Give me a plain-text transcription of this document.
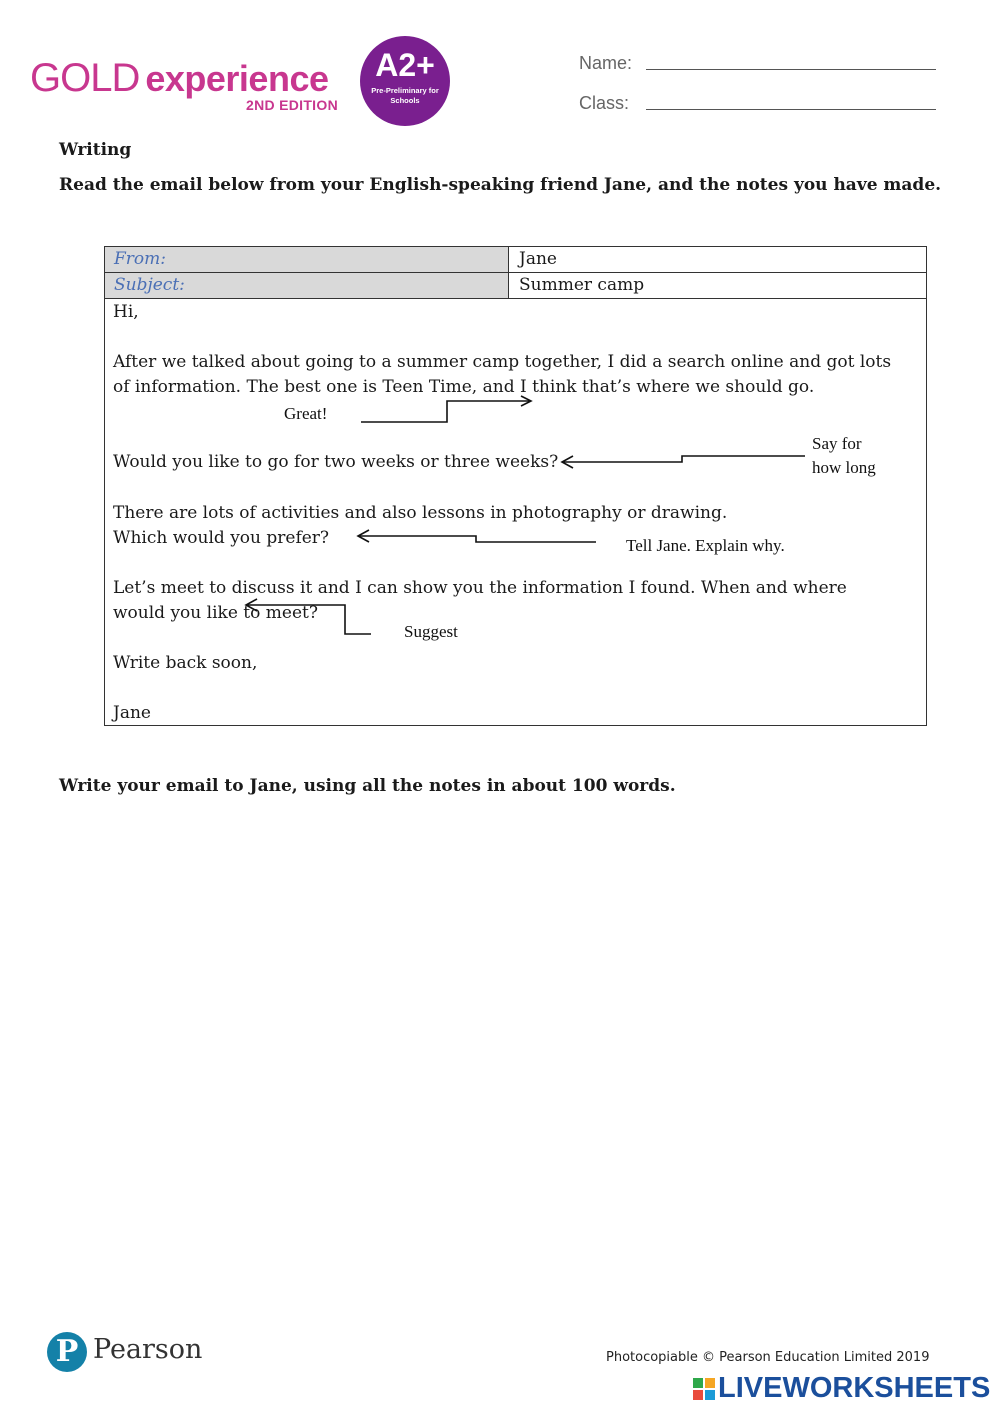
GOLD experience
2ND EDITION
A2+
Pre-Preliminary for Schools
Name:
Class:
Writing
Read the email below from your English-speaking friend Jane, and the notes you have made.
From:	Jane
Subject:	Summer camp
Hi,
After we talked about going to a summer camp together, I did a search online and got lots
of information. The best one is Teen Time, and I think that’s where we should go.
Would you like to go for two weeks or three weeks?
There are lots of activities and also lessons in photography or drawing.
Which would you prefer?
Let’s meet to discuss it and I can show you the information I found. When and where
would you like to meet?
Write back soon,
Jane
Great!
Say for
how long
Tell Jane. Explain why.
Suggest
Write your email to Jane, using all the notes in about 100 words.
P Pearson	Photocopiable © Pearson Education Limited 2019
LIVEWORKSHEETS
